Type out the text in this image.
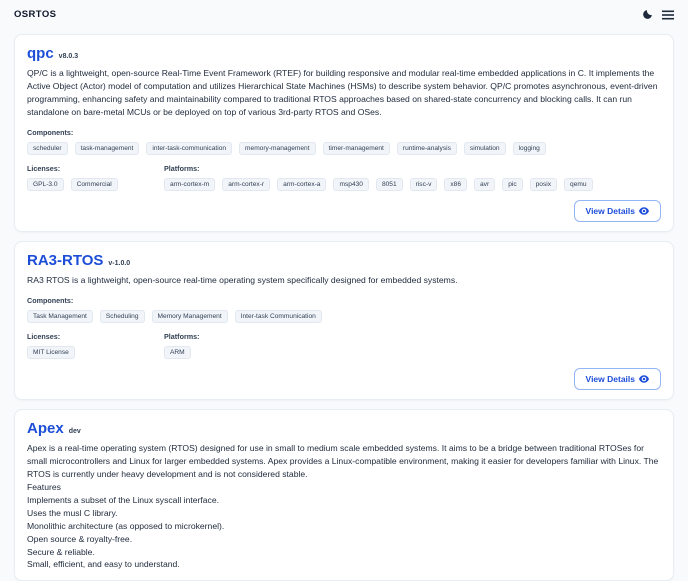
OSRTOS
qpc v8.0.3

QP/C is a lightweight, open-source Real-Time Event Framework (RTEF) for building responsive and modular real-time embedded applications in C. It implements the Active Object (Actor) model of computation and utilizes Hierarchical State Machines (HSMs) to describe system behavior. QP/C promotes asynchronous, event-driven programming, enhancing safety and maintainability compared to traditional RTOS approaches based on shared-state concurrency and blocking calls. It can run standalone on bare-metal MCUs or be deployed on top of various 3rd-party RTOS and OSes.

Components:
scheduler	task-management	inter-task-communication	memory-management	timer-management	runtime-analysis	simulation	logging
Licenses:
GPL-3.0	Commercial
Platforms:
arm-cortex-m	arm-cortex-r	arm-cortex-a	msp430	8051	risc-v	x86	avr	pic	posix	qemu
View Details
RA3-RTOS v-1.0.0

RA3 RTOS is a lightweight, open-source real-time operating system specifically designed for embedded systems.

Components:
Task Management	Scheduling	Memory Management	Inter-task Communication
Licenses:
MIT License
Platforms:
ARM
View Details
Apex dev

Apex is a real-time operating system (RTOS) designed for use in small to medium scale embedded systems. It aims to be a bridge between traditional RTOSes for small microcontrollers and Linux for larger embedded systems. Apex provides a Linux-compatible environment, making it easier for developers familiar with Linux. The RTOS is currently under heavy development and is not considered stable.

Features

Implements a subset of the Linux syscall interface.

Uses the musl C library.

Monolithic architecture (as opposed to microkernel).

Open source & royalty-free.

Secure & reliable.

Small, efficient, and easy to understand.
